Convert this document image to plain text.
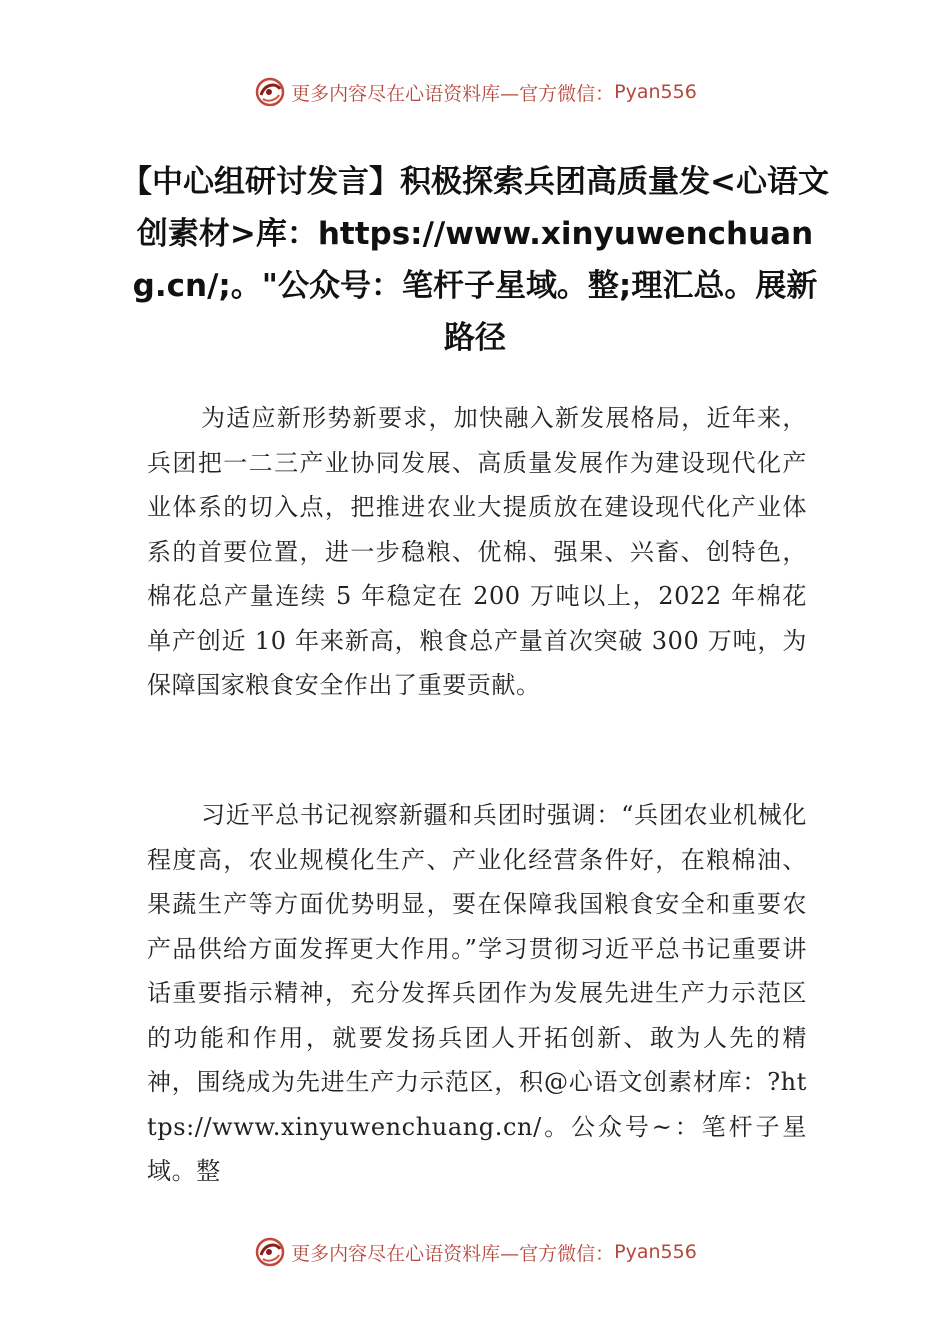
更多内容尽在心语资料库—官方微信： Pyan556
【中心组研讨发言】积极探索兵团高质量发<心语文创素材>库：https://www.xinyuwenchuang.cn/;。"公众号：笔杆子星域。整;理汇总。展新路径

为适应新形势新要求，加快融入新发展格局，近年来，兵团把一二三产业协同发展、高质量发展作为建设现代化产业体系的切入点，把推进农业大提质放在建设现代化产业体系的首要位置，进一步稳粮、优棉、强果、兴畜、创特色，棉花总产量连续 5 年稳定在 200 万吨以上，2022 年棉花单产创近 10 年来新高，粮食总产量首次突破 300 万吨，为保障国家粮食安全作出了重要贡献。

习近平总书记视察新疆和兵团时强调：“兵团农业机械化程度高，农业规模化生产、产业化经营条件好，在粮棉油、果蔬生产等方面优势明显，要在保障我国粮食安全和重要农产品供给方面发挥更大作用。”学习贯彻习近平总书记重要讲话重要指示精神，充分发挥兵团作为发展先进生产力示范区的功能和作用，就要发扬兵团人开拓创新、敢为人先的精神，围绕成为先进生产力示范区，积@心语文创素材库：?https://www.xinyuwenchuang.cn/。公众号~：笔杆子星域。整

更多内容尽在心语资料库—官方微信： Pyan556
